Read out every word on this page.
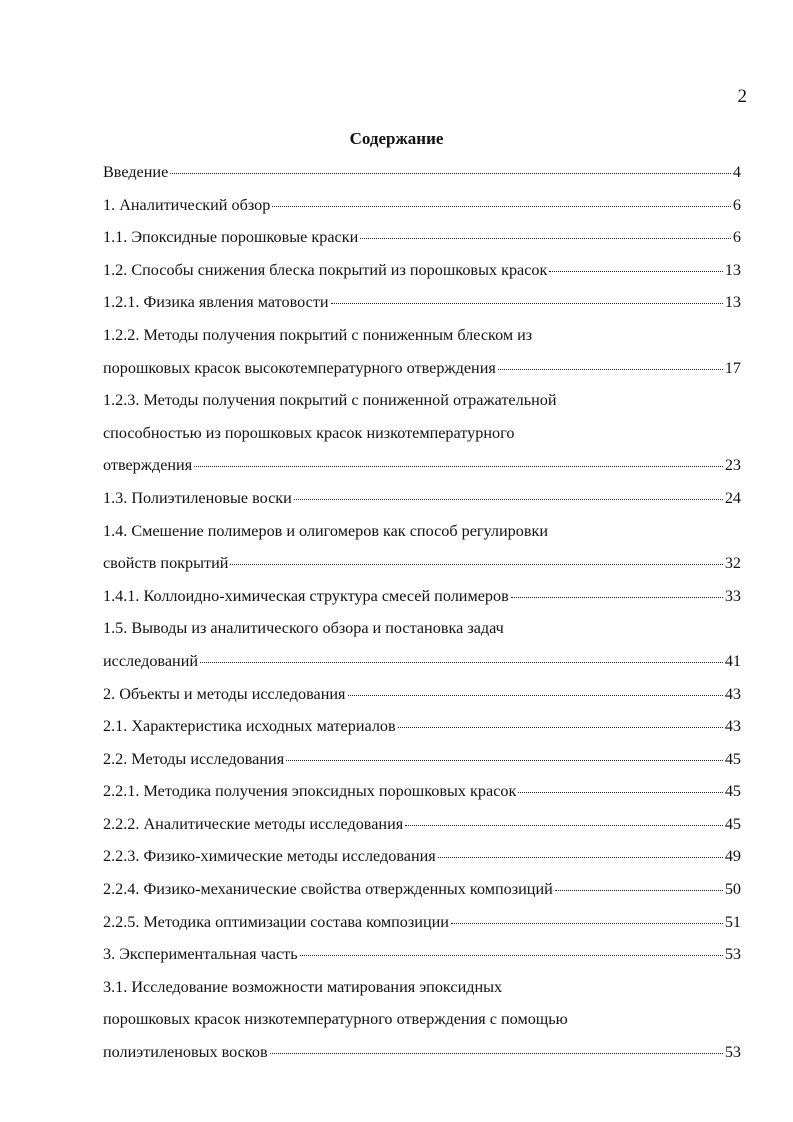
2
Содержание
Введение	4
1. Аналитический обзор	6
1.1. Эпоксидные порошковые краски	6
1.2. Способы снижения блеска покрытий из порошковых красок	13
1.2.1. Физика явления матовости	13
1.2.2. Методы получения покрытий с пониженным блеском из
порошковых красок высокотемпературного отверждения	17
1.2.3. Методы получения покрытий с пониженной отражательной
способностью из порошковых красок низкотемпературного
отверждения	23
1.3. Полиэтиленовые воски	24
1.4. Смешение полимеров и олигомеров как способ регулировки
свойств покрытий	32
1.4.1. Коллоидно-химическая структура смесей полимеров	33
1.5. Выводы из аналитического обзора и постановка задач
исследований	41
2. Объекты и методы исследования	43
2.1. Характеристика исходных материалов	43
2.2. Методы исследования	45
2.2.1. Методика получения эпоксидных порошковых красок	45
2.2.2. Аналитические методы исследования	45
2.2.3. Физико-химические методы исследования	49
2.2.4. Физико-механические свойства отвержденных композиций	50
2.2.5. Методика оптимизации состава композиции	51
3. Экспериментальная часть	53
3.1. Исследование возможности матирования эпоксидных
порошковых красок низкотемпературного отверждения с помощью
полиэтиленовых восков	53
